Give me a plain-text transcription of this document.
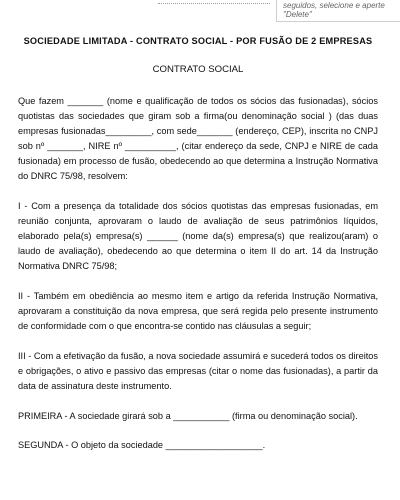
seguidos, selecione e aperte "Delete"
SOCIEDADE LIMITADA - CONTRATO SOCIAL - POR FUSÃO DE 2 EMPRESAS
CONTRATO SOCIAL

Que fazem _______ (nome e qualificação de todos os sócios das fusionadas), sócios quotistas das sociedades que giram sob a firma(ou denominação social ) (das duas empresas fusionadas_________, com sede_______ (endereço, CEP), inscrita no CNPJ sob nº _______, NIRE nº __________, (citar endereço da sede, CNPJ e NIRE de cada fusionada) em processo de fusão, obedecendo ao que determina a Instrução Normativa do DNRC 75/98, resolvem:

I - Com a presença da totalidade dos sócios quotistas das empresas fusionadas, em reunião conjunta, aprovaram o laudo de avaliação de seus patrimônios líquidos, elaborado pela(s) empresa(s) ______ (nome da(s) empresa(s) que realizou(aram) o laudo de avaliação), obedecendo ao que determina o item II do art. 14 da Instrução Normativa DNRC 75/98;

II - Também em obediência ao mesmo item e artigo da referida Instrução Normativa, aprovaram a constituição da nova empresa, que será regida pelo presente instrumento de conformidade com o que encontra-se contido nas cláusulas a seguir;

III - Com a efetivação da fusão, a nova sociedade assumirá e sucederá todos os direitos e obrigações, o ativo e passivo das empresas (citar o nome das fusionadas), a partir da data de assinatura deste instrumento.

PRIMEIRA - A sociedade girará sob a ___________ (firma ou denominação social).

SEGUNDA - O objeto da sociedade ___________________.
